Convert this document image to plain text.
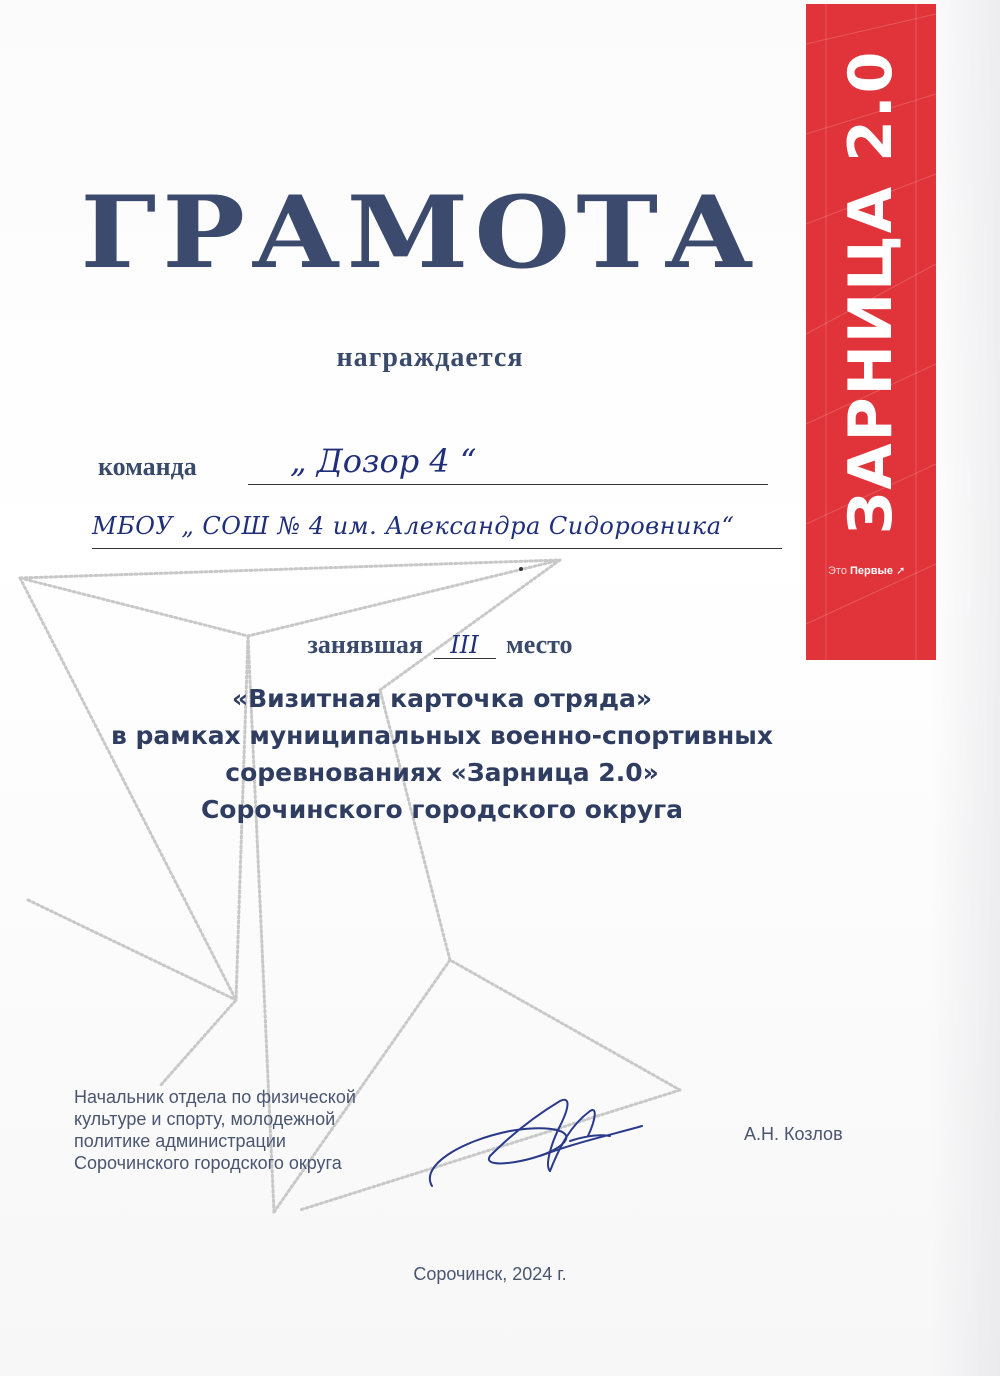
ЗАРНИЦА 2.0
Это Первые ➚
ГРАМОТА
награждается
команда	„ Дозор 4 “
МБОУ „ СОШ № 4 им. Александра Сидоровника“
занявшая III место
«Визитная карточка отряда»
в рамках муниципальных военно-спортивных
соревнованиях «Зарница 2.0»
Сорочинского городского округа
Начальник отдела по физической
культуре и спорту, молодежной
политике администрации
Сорочинского городского округа
А.Н. Козлов
Сорочинск, 2024 г.
